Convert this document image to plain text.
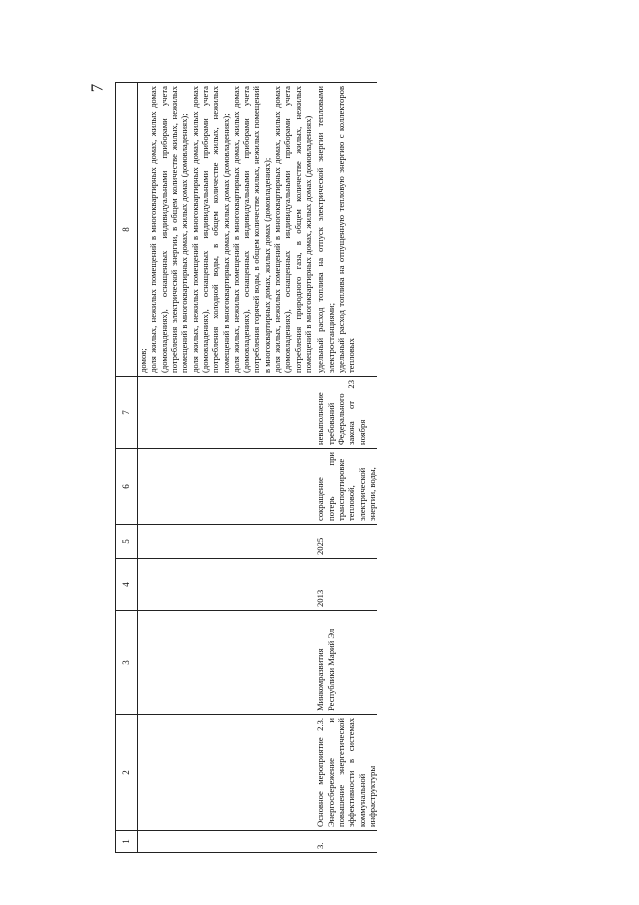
7
1	2	3	4	5	6	7	8
							домов;
доля жилых, нежилых помещений в многоквартирных домах, жилых домах (домовладениях), оснащенных индивидуальными приборами учета потребления электрической энергии, в общем количестве жилых, нежилых помещений в многоквартирных домах, жилых домах (домовладениях);
доля жилых, нежилых помещений в многоквартирных домах, жилых домах (домовладениях), оснащенных индивидуальными приборами учета потребления холодной воды, в общем количестве жилых, нежилых помещений в многоквартирных домах, жилых домах (домовладениях);
доля жилых, нежилых помещений в многоквартирных домах, жилых домах (домовладениях), оснащенных индивидуальными приборами учета потребления горячей воды, в общем количестве жилых, нежилых помещений в многоквартирных домах, жилых домах (домовладениях);
доля жилых, нежилых помещений в многоквартирных домах, жилых домах (домовладениях), оснащенных индивидуальными приборами учета потребления природного газа, в общем количестве жилых, нежилых помещений в многоквартирных домах, жилых домах (домовладениях)
3.	Основное мероприятие 2.3. Энергосбережение и повышение энергетической эффективности в системах коммунальной инфраструктуры	Минкомразвития Республики Марий Эл	2013	2025	сокращение потерь при транспортировке тепловой, электрической энергии, воды,	невыполнение требований Федерального закона от 23 ноября	удельный расход топлива на отпуск электрической энергии тепловыми электростанциями;
удельный расход топлива на отпущенную тепловую энергию с коллекторов тепловых
